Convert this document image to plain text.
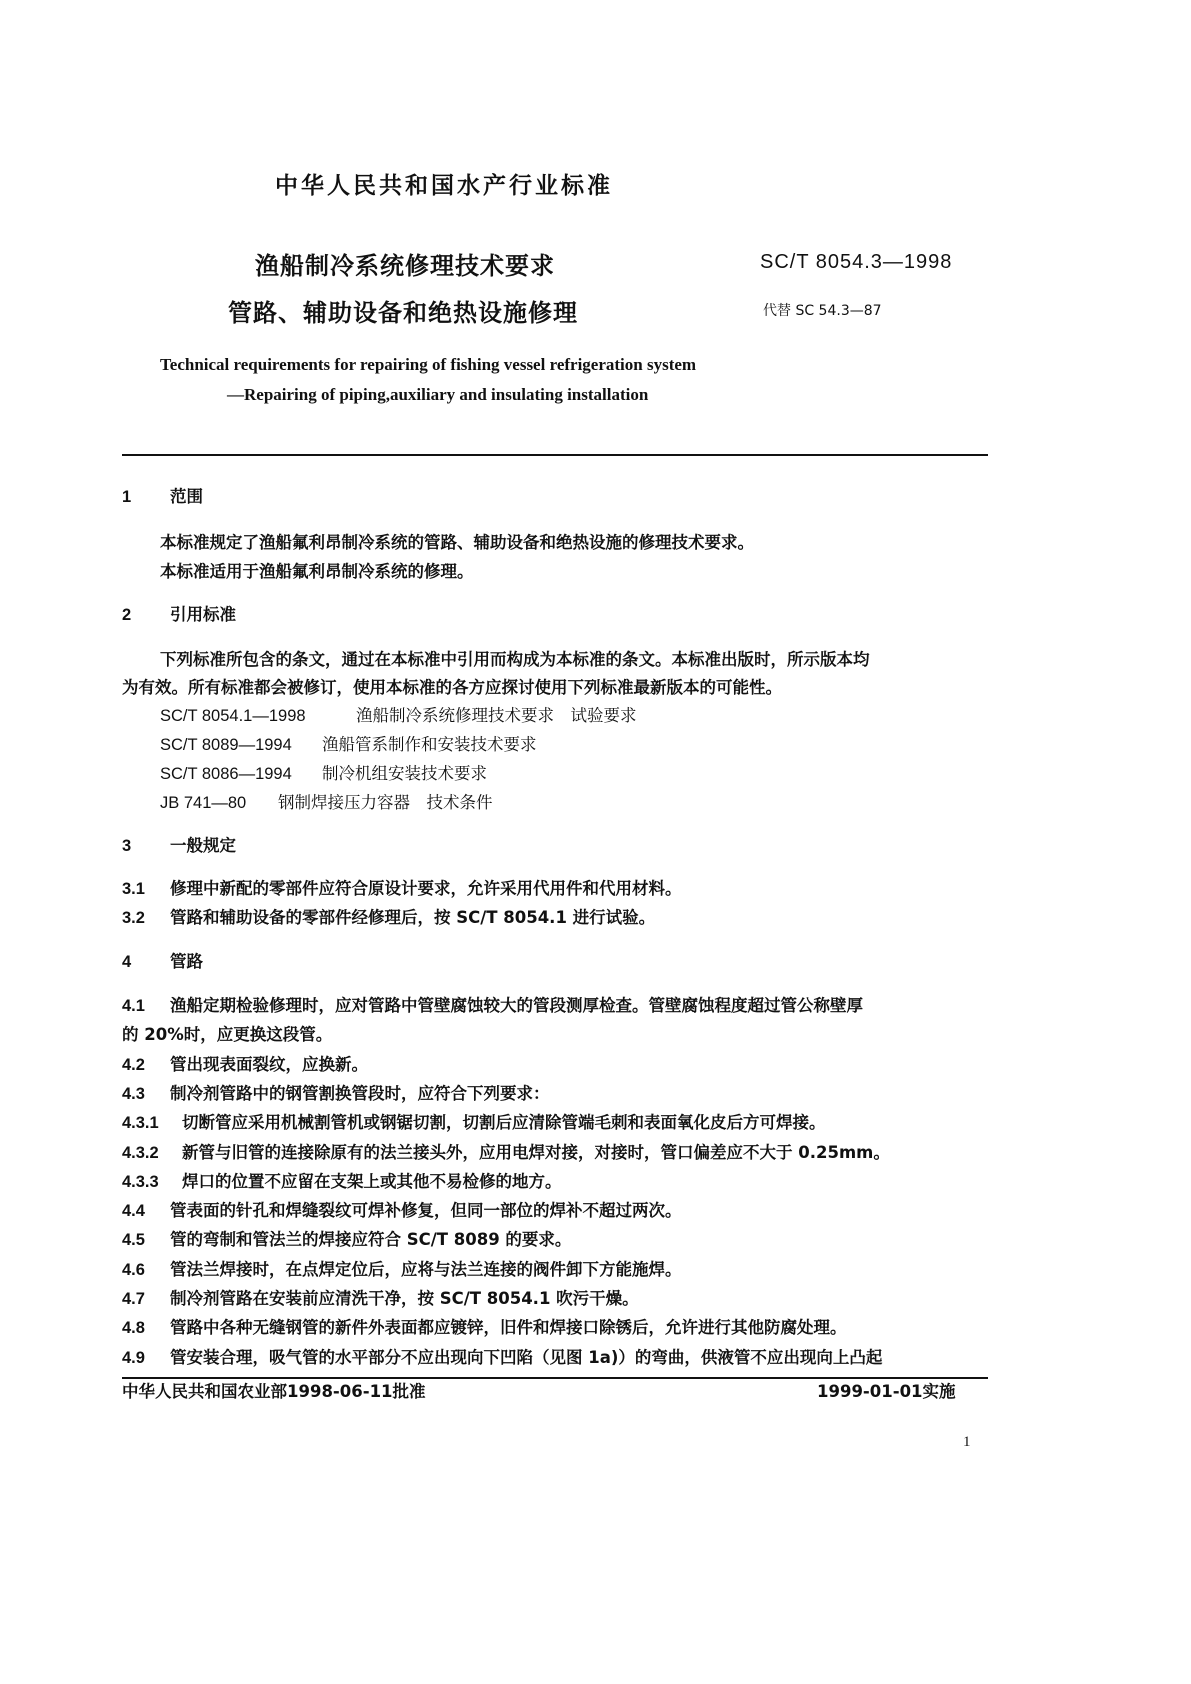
中华人民共和国水产行业标准
渔船制冷系统修理技术要求
管路、辅助设备和绝热设施修理
SC/T 8054.3—1998
代替 SC 54.3—87
Technical requirements for repairing of fishing vessel refrigeration system
—Repairing of piping,auxiliary and insulating installation
1 范围
本标准规定了渔船氟利昂制冷系统的管路、辅助设备和绝热设施的修理技术要求。
本标准适用于渔船氟利昂制冷系统的修理。
2 引用标准
下列标准所包含的条文，通过在本标准中引用而构成为本标准的条文。本标准出版时，所示版本均
为有效。所有标准都会被修订，使用本标准的各方应探讨使用下列标准最新版本的可能性。
3 一般规定
4 管路
中华人民共和国农业部1998-06-11批准	1999-01-01实施
1
SC/T 8054.1—1998	渔船制冷系统修理技术要求　试验要求
SC/T 8089—1994 渔船管系制作和安装技术要求
SC/T 8086—1994 制冷机组安装技术要求
JB 741—80 钢制焊接压力容器　技术条件
3.1 修理中新配的零部件应符合原设计要求，允许采用代用件和代用材料。
3.2 管路和辅助设备的零部件经修理后，按 SC/T 8054.1 进行试验。
4.1 渔船定期检验修理时，应对管路中管壁腐蚀较大的管段测厚检查。管壁腐蚀程度超过管公称壁厚
的 20%时，应更换这段管。
4.2 管出现表面裂纹，应换新。
4.3 制冷剂管路中的钢管割换管段时，应符合下列要求：
4.3.1 切断管应采用机械割管机或钢锯切割，切割后应清除管端毛刺和表面氧化皮后方可焊接。
4.3.2 新管与旧管的连接除原有的法兰接头外，应用电焊对接，对接时，管口偏差应不大于 0.25mm。
4.3.3 焊口的位置不应留在支架上或其他不易检修的地方。
4.4 管表面的针孔和焊缝裂纹可焊补修复，但同一部位的焊补不超过两次。
4.5 管的弯制和管法兰的焊接应符合 SC/T 8089 的要求。
4.6 管法兰焊接时，在点焊定位后，应将与法兰连接的阀件卸下方能施焊。
4.7 制冷剂管路在安装前应清洗干净，按 SC/T 8054.1 吹污干燥。
4.8 管路中各种无缝钢管的新件外表面都应镀锌，旧件和焊接口除锈后，允许进行其他防腐处理。
4.9 管安装合理，吸气管的水平部分不应出现向下凹陷（见图 1a)）的弯曲，供液管不应出现向上凸起
